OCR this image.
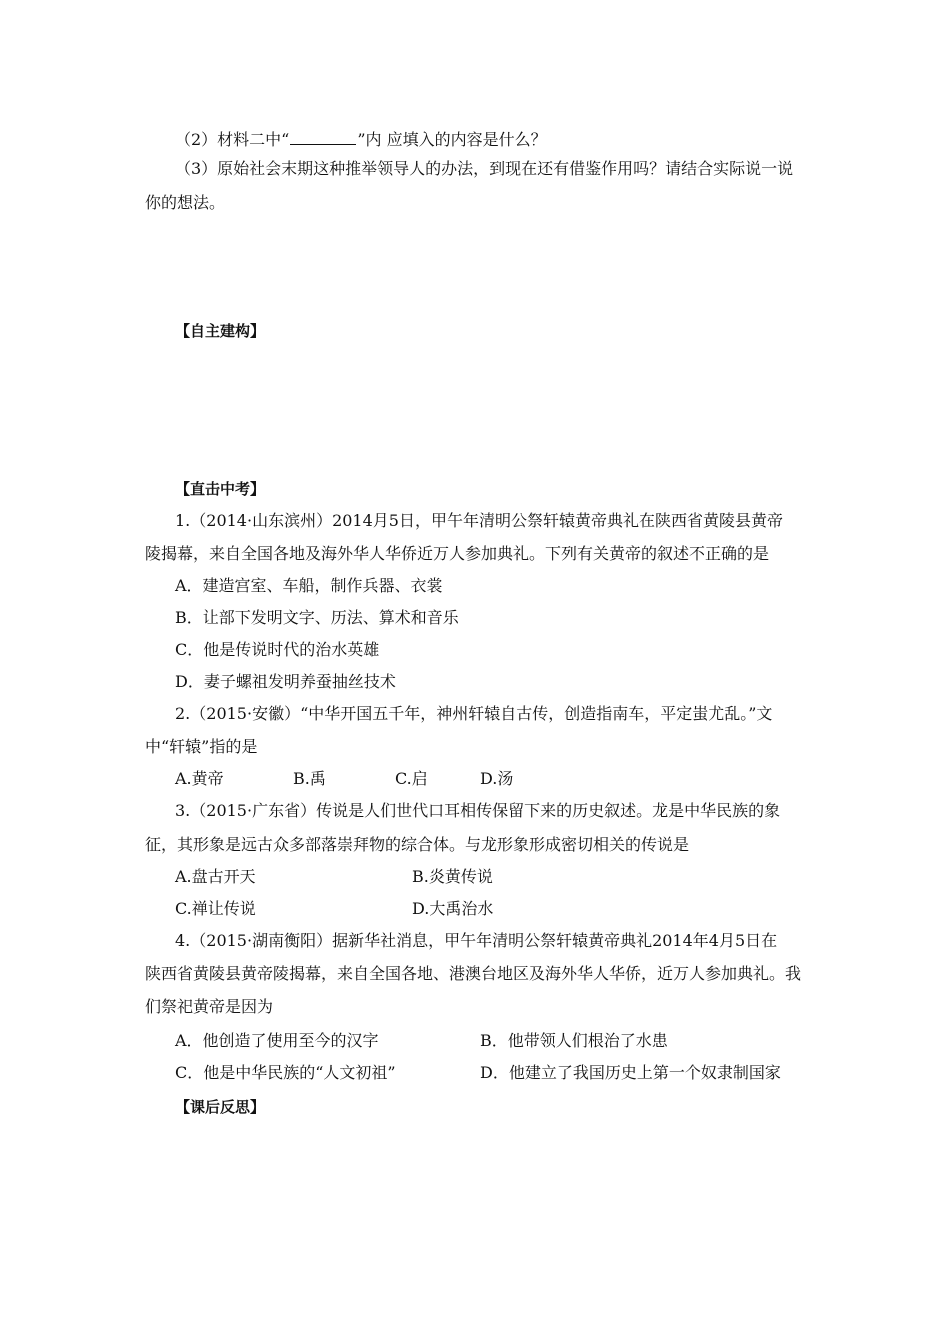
（2）材料二中“	”内 应填入的内容是什么？
（3）原始社会末期这种推举领导人的办法，到现在还有借鉴作用吗？请结合实际说一说
你的想法。
【自主建构】
【直击中考】
1.（2014·山东滨州）2014月5日，甲午年清明公祭轩辕黄帝典礼在陕西省黄陵县黄帝
陵揭幕，来自全国各地及海外华人华侨近万人参加典礼。下列有关黄帝的叙述不正确的是
A．建造宫室、车船，制作兵器、衣裳
B．让部下发明文字、历法、算术和音乐
C．他是传说时代的治水英雄
D．妻子螺祖发明养蚕抽丝技术
2.（2015·安徽）“中华开国五千年，神州轩辕自古传，创造指南车，平定蚩尤乱。”文
中“轩辕”指的是
A.黄帝	B.禹	C.启	D.汤
3.（2015·广东省）传说是人们世代口耳相传保留下来的历史叙述。龙是中华民族的象
征，其形象是远古众多部落崇拜物的综合体。与龙形象形成密切相关的传说是
A.盘古开天	B.炎黄传说
C.禅让传说	D.大禹治水
4.（2015·湖南衡阳）据新华社消息，甲午年清明公祭轩辕黄帝典礼2014年4月5日在
陕西省黄陵县黄帝陵揭幕，来自全国各地、港澳台地区及海外华人华侨，近万人参加典礼。我
们祭祀黄帝是因为
A．他创造了使用至今的汉字	B．他带领人们根治了水患
C．他是中华民族的“人文初祖”	D．他建立了我国历史上第一个奴隶制国家
【课后反思】
